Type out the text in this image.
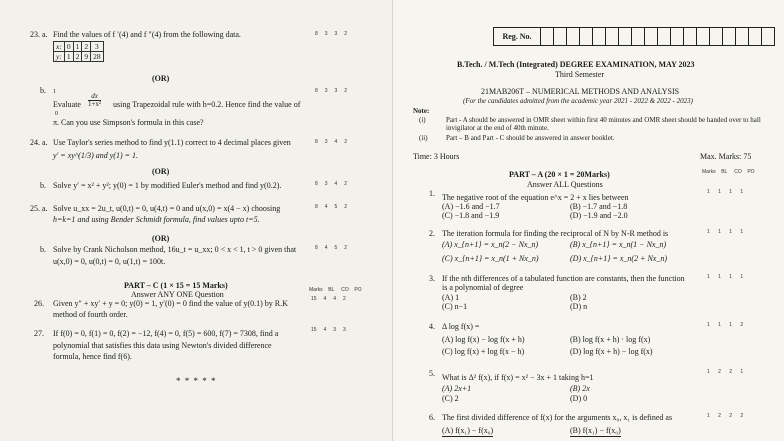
23. a. Find the values of f ′(4) and f ″(4) from the following data.	8 3 3 2
x:	0	1	2	3
y:	1	2	9	28
(OR)
b. 1
Evaluate
0
$\frac{dx}{\text{1+x²}}$ using Trapezoidal rule with h=0.2. Hence find the value of
8 3 3 2
π. Can you use Simpson's formula in this case?
24. a. Use Taylor's series method to find y(1.1) correct to 4 decimal places given	8 3 4 2
y′ = xy^(1/3) and y(1) = 1.
(OR)
b. Solve y′ = x² + y²; y(0) = 1 by modified Euler's method and find y(0.2).	8 3 4 2
25. a. Solve u_xx = 2u_t, u(0,t) = 0, u(4,t) = 0 and u(x,0) = x(4 − x) choosing	8 4 5 2
h=k=1 and using Bender Schmidt formula, find values upto t=5.
(OR)
b. Solve by Crank Nicholson method, 16u_t = u_xx; 0 < x < 1, t > 0 given that	8 4 5 2
u(x,0) = 0, u(0,t) = 0, u(1,t) = 100t.
PART – C (1 × 15 = 15 Marks)
Answer ANY ONE Question	Marks BL CO PO
26. Given y″ + xy′ + y = 0; y(0) = 1, y′(0) = 0 find the value of y(0.1) by R.K	15 4 4 2
method of fourth order.
27. If f(0) = 0, f(1) = 0, f(2) = −12, f(4) = 0, f(5) = 600, f(7) = 7308, find a	15 4 3 3
polynomial that satisfies this data using Newton's divided difference
formula, hence find f(6).
* * * * *
Reg. No.
B.Tech. / M.Tech (Integrated) DEGREE EXAMINATION, MAY 2023
Third Semester
21MAB206T – NUMERICAL METHODS AND ANALYSIS
(For the candidates admitted from the academic year 2021 - 2022 & 2022 - 2023)
Note:
(i)	Part - A should be answered in OMR sheet within first 40 minutes and OMR sheet should be handed over to hall invigilator at the end of 40th minute.
(ii)	Part – B and Part - C should be answered in answer booklet.
Time: 3 Hours	Max. Marks: 75
PART – A (20 × 1 = 20Marks)
Answer ALL Questions
Marks BL CO PO
1. The negative root of the equation e^x = 2 + x lies between
1 1 1 1
(A) −1.6 and −1.7	(B) −1.7 and −1.8
(C) −1.8 and −1.9	(D) −1.9 and −2.0
2. The iteration formula for finding the reciprocal of N by N-R method is	1 1 1 1
(A) x_{n+1} = x_n(2 − Nx_n)	(B) x_{n+1} = x_n(1 − Nx_n)
(C) x_{n+1} = x_n(1 + Nx_n)	(D) x_{n+1} = x_n(2 + Nx_n)
3. If the nth differences of a tabulated function are constants, then the function
is a polynomial of degree
1 1 1 1
(A) 1	(B) 2
(C) n−1	(D) n
4. Δ log f(x) =	1 1 1 2
(A) log f(x) − log f(x + h)	(B) log f(x + h) · log f(x)
(C) log f(x) + log f(x − h)	(D) log f(x + h) − log f(x)
5. What is Δ² f(x), if f(x) = x² − 3x + 1 taking h=1
1 2 2 1
(A) 2x+1	(B) 2x
(C) 2	(D) 0
6. The first divided difference of f(x) for the arguments x₀, x₁ is defined as	1 2 2 2
(A) f(x₁) − f(x₀)	(B) f(x₁) − f(x₀)
